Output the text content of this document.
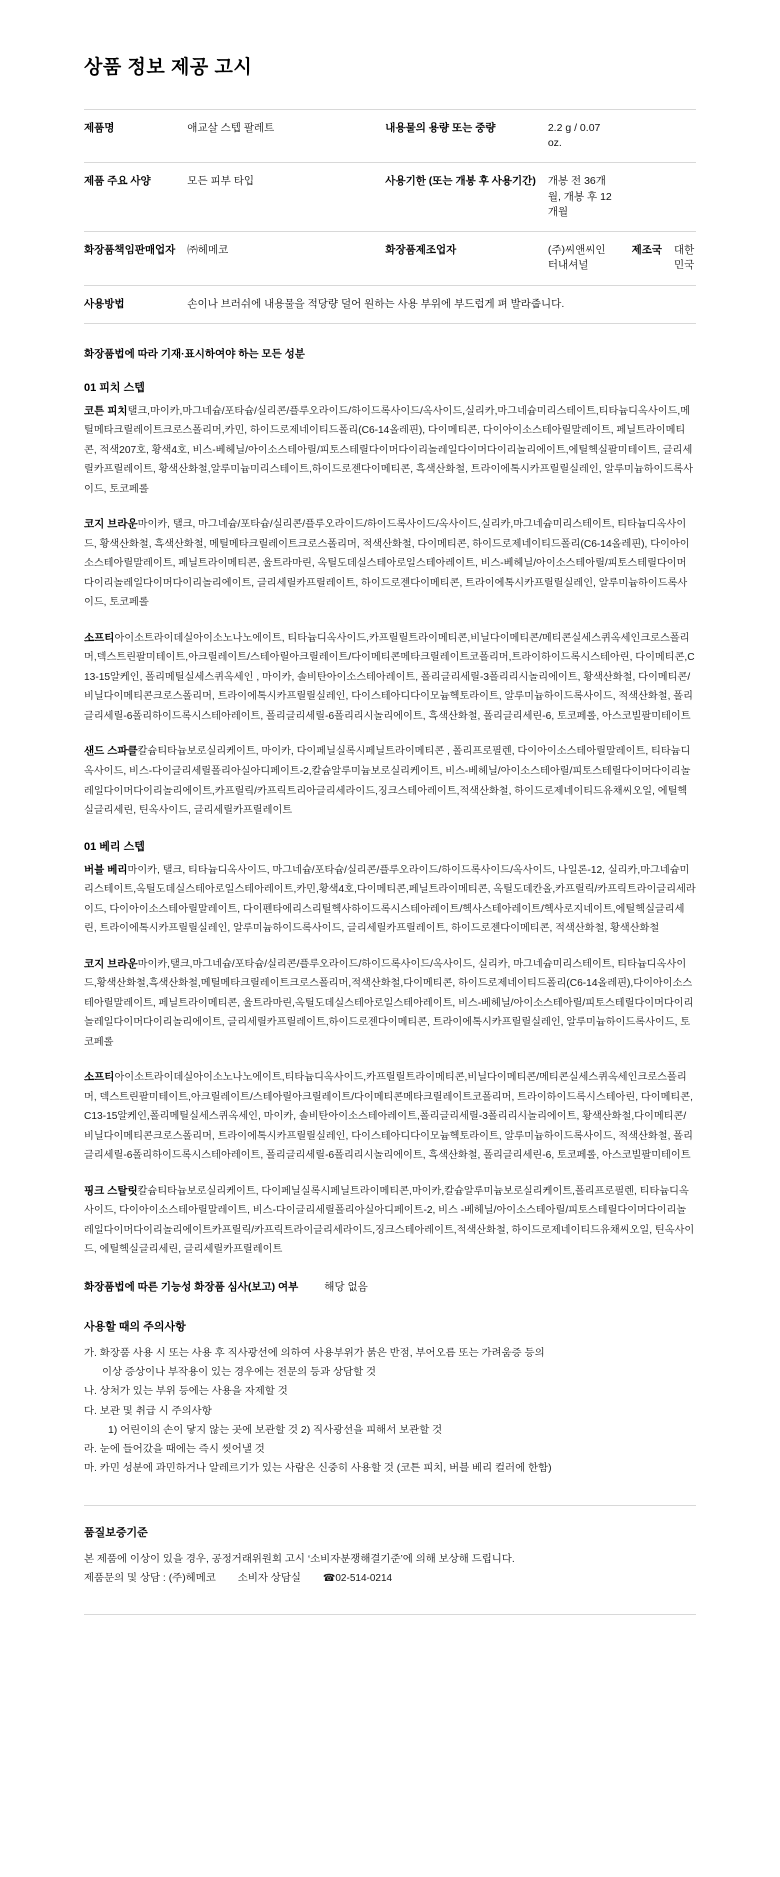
상품 정보 제공 고시
제품명	애교살 스텝 팔레트	내용물의 용량 또는 중량	2.2 g / 0.07 oz.		
제품 주요 사양	모든 피부 타입	사용기한 (또는 개봉 후 사용기간)	개봉 전 36개월, 개봉 후 12개월		
화장품책임판매업자	㈜헤메코	화장품제조업자	(주)씨앤씨인터내셔널	제조국	대한민국
사용방법	손이나 브러쉬에 내용물을 적당량 덜어 원하는 사용 부위에 부드럽게 펴 발라줍니다.				
화장품법에 따라 기재·표시하여야 하는 모든 성분
01 피치 스텝

코튼 피치탤크,마이카,마그네슘/포타슘/실리콘/플루오라이드/하이드록사이드/옥사이드,실리카,마그네슘미리스테이트,티타늄디옥사이드,메틸메타크릴레이트크로스폴리머,카민, 하이드로제네이티드폴리(C6-14올레핀), 다이메티콘, 다이아이소스테아릴말레이트, 페닐트라이메티콘, 적색207호, 황색4호, 비스-베헤닐/아이소스테아릴/피토스테릴다이머다이리놀레일다이머다이리놀리에이트,에틸헥실팔미테이트, 글리세릴카프릴레이트, 황색산화철,알루미늄미리스테이트,하이드로젠다이메티콘, 흑색산화철, 트라이에톡시카프릴릴실레인, 알루미늄하이드록사이드, 토코페롤

코지 브라운마이카, 탤크, 마그네슘/포타슘/실리콘/플루오라이드/하이드록사이드/옥사이드,실리카,마그네슘미리스테이트, 티타늄디옥사이드, 황색산화철, 흑색산화철, 메틸메타크릴레이트크로스폴리머, 적색산화철, 다이메티콘, 하이드로제네이티드폴리(C6-14올레핀), 다이아이소스테아릴말레이트, 페닐트라이메티콘, 울트라마린, 옥틸도데실스테아로일스테아레이트, 비스-베헤닐/아이소스테아릴/피토스테릴다이머다이리놀레일다이머다이리놀리에이트, 글리세릴카프릴레이트, 하이드로젠다이메티콘, 트라이에톡시카프릴릴실레인, 알루미늄하이드록사이드, 토코페롤

소프티아이소트라이데실아이소노나노에이트, 티타늄디옥사이드,카프릴릴트라이메티콘,비닐다이메티콘/메티콘실세스퀴옥세인크로스폴리머,덱스트린팔미테이트,아크릴레이트/스테아릴아크릴레이트/다이메티콘메타크릴레이트코폴리머,트라이하이드록시스테아린, 다이메티콘,C13-15알케인, 폴리메틸실세스퀴옥세인 , 마이카, 솔비탄아이소스테아레이트, 폴리글리세릴-3폴리리시놀리에이트, 황색산화철, 다이메티콘/비닐다이메티콘크로스폴리머, 트라이에톡시카프릴릴실레인, 다이스테아디다이모늄헥토라이트, 알루미늄하이드록사이드, 적색산화철, 폴리글리세릴-6폴리하이드록시스테아레이트, 폴리글리세릴-6폴리리시놀리에이트, 흑색산화철, 폴리글리세린-6, 토코페롤, 아스코빌팔미테이트

샌드 스파클칼슘티타늄보로실리케이트, 마이카, 다이페닐실록시페닐트라이메티콘 , 폴리프로필렌, 다이아이소스테아릴말레이트, 티타늄디옥사이드, 비스-다이글리세릴폴리아실아디페이트-2,칼슘알루미늄보로실리케이트, 비스-베헤닐/아이소스테아릴/피토스테릴다이머다이리놀레일다이머다이리놀리에이트,카프릴릭/카프릭트리아글리세라이드,징크스테아레이트,적색산화철, 하이드로제네이티드유채씨오일, 에틸헥실글리세린, 틴옥사이드, 글리세릴카프릴레이트

01 베리 스텝

버블 베리마이카, 탤크, 티타늄디옥사이드, 마그네슘/포타슘/실리콘/플루오라이드/하이드록사이드/옥사이드, 나일론-12, 실리카,마그네슘미리스테이트,옥틸도데실스테아로일스테아레이트,카민,황색4호,다이메티콘,페닐트라이메티콘, 옥틸도데칸올,카프릴릭/카프릭트라이글리세라이드, 다이아이소스테아릴말레이트, 다이펜타에리스리틸헥사하이드록시스테아레이트/헥사스테아레이트/헥사로지네이트,에틸헥실글리세린, 트라이에톡시카프릴릴실레인, 알루미늄하이드록사이드, 글리세릴카프릴레이트, 하이드로젠다이메티콘, 적색산화철, 황색산화철

코지 브라운마이카,탤크,마그네슘/포타슘/실리콘/플루오라이드/하이드록사이드/옥사이드, 실리카, 마그네슘미리스테이트, 티타늄디옥사이드,황색산화철,흑색산화철,메틸메타크릴레이트크로스폴리머,적색산화철,다이메티콘, 하이드로제네이티드폴리(C6-14올레핀),다이아이소스테아릴말레이트, 페닐트라이메티콘, 울트라마린,옥틸도데실스테아로일스테아레이트, 비스-베헤닐/아이소스테아릴/피토스테릴다이머다이리놀레일다이머다이리놀리에이트, 글리세릴카프릴레이트,하이드로젠다이메티콘, 트라이에톡시카프릴릴실레인, 알루미늄하이드록사이드, 토코페롤

소프티아이소트라이데실아이소노나노에이트,티타늄디옥사이드,카프릴릴트라이메티콘,비닐다이메티콘/메티콘실세스퀴옥세인크로스폴리머, 덱스트린팔미테이트,아크릴레이트/스테아릴아크릴레이트/다이메티콘메타크릴레이트코폴리머, 트라이하이드록시스테아린, 다이메티콘,C13-15알케인,폴리메틸실세스퀴옥세인, 마이카, 솔비탄아이소스테아레이트,폴리글리세릴-3폴리리시놀리에이트, 황색산화철,다이메티콘/비닐다이메티콘크로스폴리머, 트라이에톡시카프릴릴실레인, 다이스테아디다이모늄헥토라이트, 알루미늄하이드록사이드, 적색산화철, 폴리글리세릴-6폴리하이드록시스테아레이트, 폴리글리세릴-6폴리리시놀리에이트, 흑색산화철, 폴리글리세린-6, 토코페롤, 아스코빌팔미테이트

핑크 스탈릿칼슘티타늄보로실리케이트, 다이페닐실록시페닐트라이메티콘,마이카,칼슘알루미늄보로실리케이트,폴리프로필렌, 티타늄디옥사이드, 다이아이소스테아릴말레이트, 비스-다이글리세릴폴리아실아디페이트-2, 비스 -베헤닐/아이소스테아릴/피토스테릴다이머다이리놀레일다이머다이리놀리에이트카프릴릭/카프릭트라이글리세라이드,징크스테아레이트,적색산화철, 하이드로제네이티드유채씨오일, 틴옥사이드, 에틸헥실글리세린, 글리세릴카프릴레이트

화장품법에 따른 기능성 화장품 심사(보고) 여부 해당 없음
사용할 때의 주의사항
가. 화장품 사용 시 또는 사용 후 직사광선에 의하여 사용부위가 붉은 반점, 부어오름 또는 가려움증 등의
이상 증상이나 부작용이 있는 경우에는 전문의 등과 상담할 것
나. 상처가 있는 부위 등에는 사용을 자제할 것
다. 보관 및 취급 시 주의사항
1) 어린이의 손이 닿지 않는 곳에 보관할 것 2) 직사광선을 피해서 보관할 것
라. 눈에 들어갔을 때에는 즉시 씻어낼 것
마. 카민 성분에 과민하거나 알레르기가 있는 사람은 신중히 사용할 것 (코튼 피치, 버블 베리 컬러에 한함)
품질보증기준
본 제품에 이상이 있을 경우, 공정거래위원회 고시 ‘소비자분쟁해결기준’에 의해 보상해 드립니다.
제품문의 및 상담 : (주)헤메코 소비자 상담실 ☎02-514-0214
